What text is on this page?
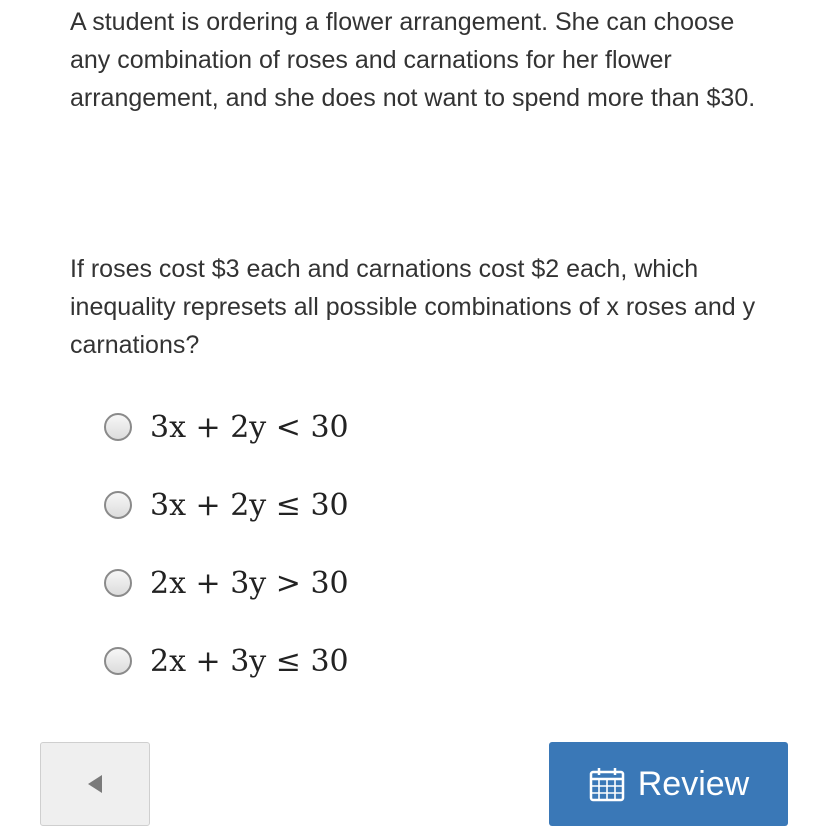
A student is ordering a flower arrangement. She can choose any combination of roses and carnations for her flower arrangement, and she does not want to spend more than $30.

If roses cost $3 each and carnations cost $2 each, which inequality represets all possible combinations of x roses and y carnations?

3x + 2y < 30
3x + 2y ≤ 30
2x + 3y > 30
2x + 3y ≤ 30
Review
